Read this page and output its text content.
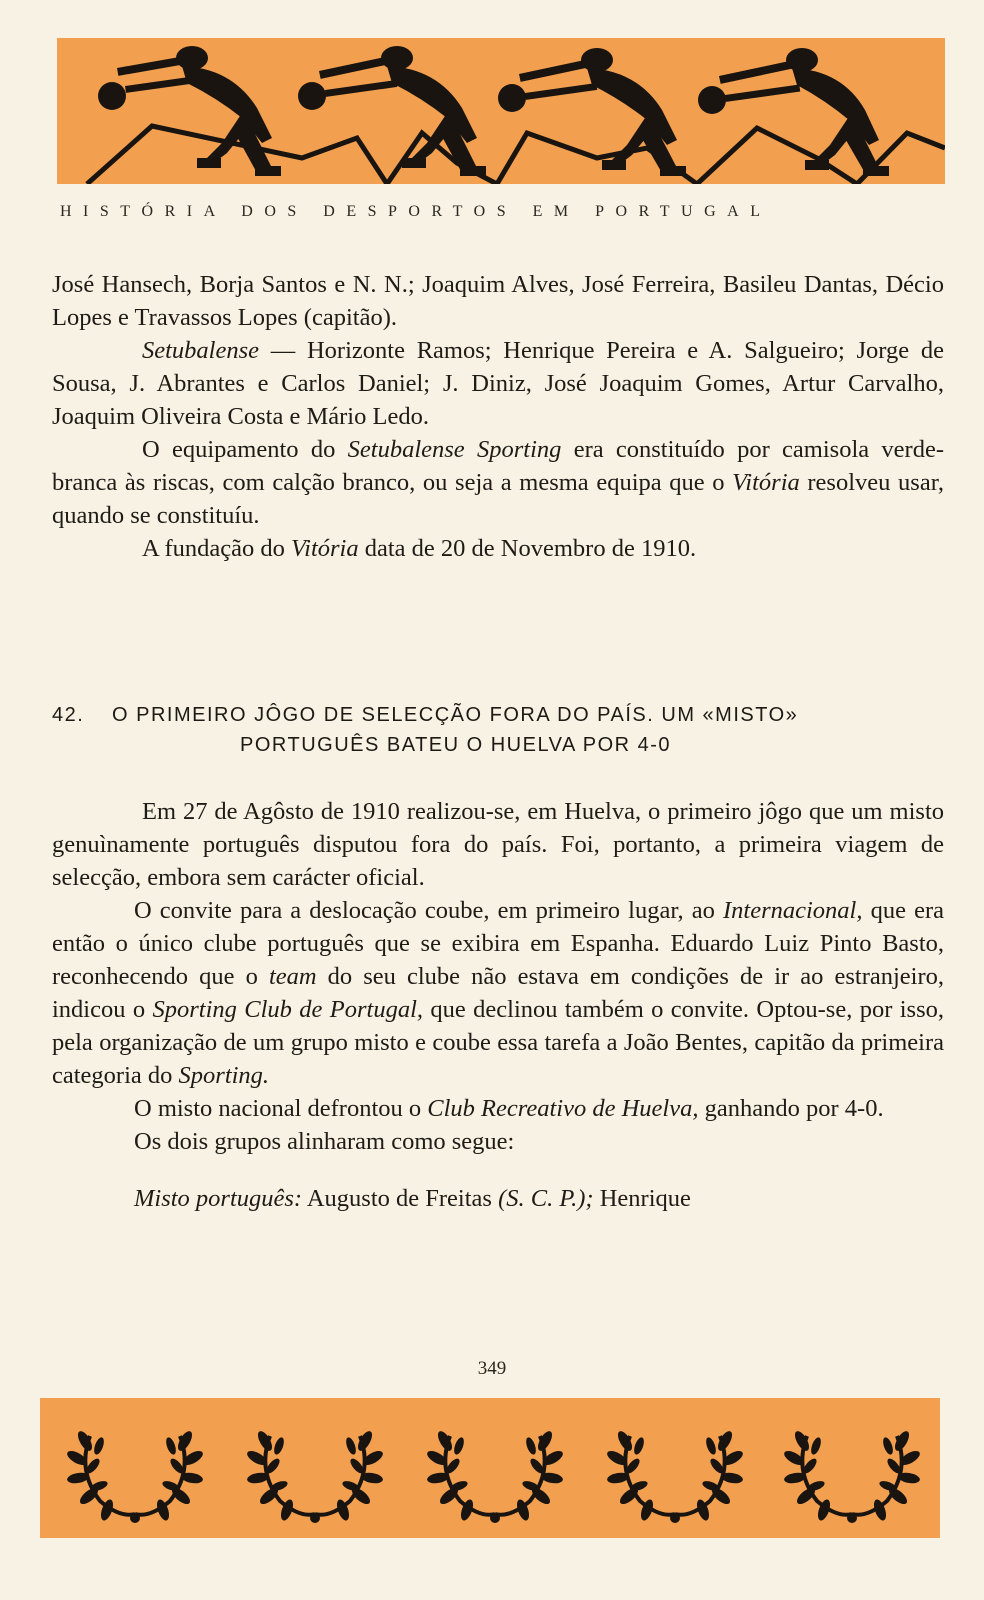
HISTÓRIA DOS DESPORTOS EM PORTUGAL

José Hansech, Borja Santos e N. N.; Joaquim Alves, José Ferreira, Basileu Dantas, Décio Lopes e Travassos Lopes (capitão).

Setubalense — Horizonte Ramos; Henrique Pereira e A. Salgueiro; Jorge de Sousa, J. Abrantes e Carlos Daniel; J. Diniz, José Joaquim Gomes, Artur Carvalho, Joaquim Oliveira Costa e Mário Ledo.

O equipamento do Setubalense Sporting era constituído por camisola verde-branca às riscas, com calção branco, ou seja a mesma equipa que o Vitória resolveu usar, quando se constituíu.

A fundação do Vitória data de 20 de Novembro de 1910.

42. O PRIMEIRO JÔGO DE SELECÇÃO FORA DO PAÍS. UM «MISTO»
PORTUGUÊS BATEU O HUELVA POR 4-0

Em 27 de Agôsto de 1910 realizou-se, em Huelva, o primeiro jôgo que um misto genuìnamente português disputou fora do país. Foi, portanto, a primeira viagem de selecção, embora sem carácter oficial.

O convite para a deslocação coube, em primeiro lugar, ao Internacional, que era então o único clube português que se exibira em Espanha. Eduardo Luiz Pinto Basto, reconhecendo que o team do seu clube não estava em condições de ir ao estranjeiro, indicou o Sporting Club de Portugal, que declinou também o convite. Optou-se, por isso, pela organização de um grupo misto e coube essa tarefa a João Bentes, capitão da primeira categoria do Sporting.

O misto nacional defrontou o Club Recreativo de Huelva, ganhando por 4-0.

Os dois grupos alinharam como segue:

Misto português: Augusto de Freitas (S. C. P.); Henrique

349
